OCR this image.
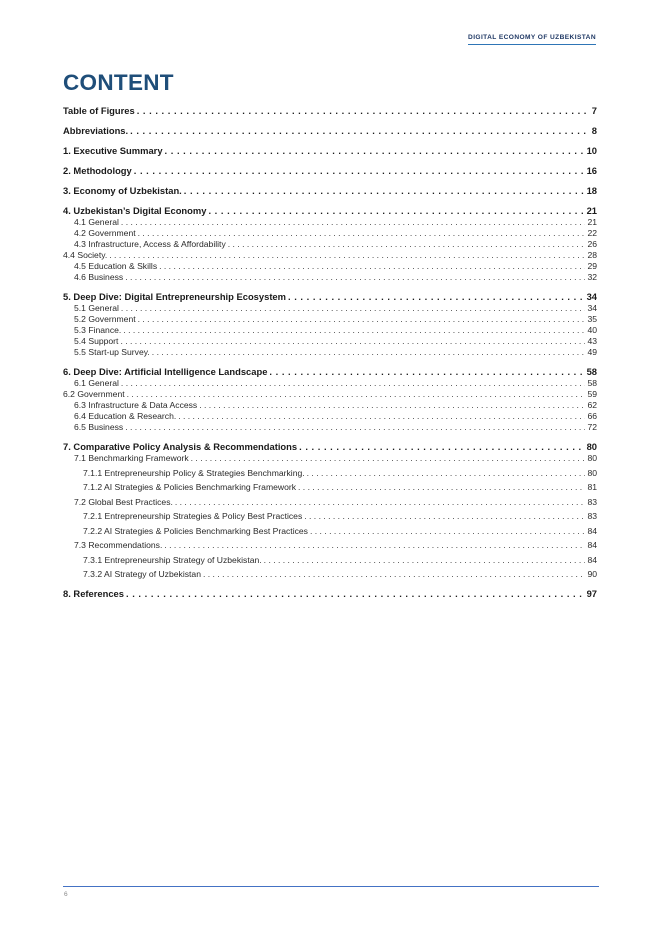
DIGITAL ECONOMY OF UZBEKISTAN
CONTENT
Table of Figures . . .	7
Abbreviations. . . .	8
1. Executive Summary . . .	10
2. Methodology . . .	16
3. Economy of Uzbekistan. . . .	18
4. Uzbekistan’s Digital Economy . . .	21
4.1 General . . .	21
4.2 Government . . .	22
4.3 Infrastructure, Access & Affordability . . .	26
4.4 Society. . . .	28
4.5 Education & Skills . . .	29
4.6 Business . . .	32
5. Deep Dive: Digital Entrepreneurship Ecosystem . . .	34
5.1 General . . .	34
5.2 Government . . .	35
5.3 Finance. . . .	40
5.4 Support . . .	43
5.5 Start-up Survey. . . .	49
6. Deep Dive: Artificial Intelligence Landscape . . .	58
6.1 General . . .	58
6.2 Government . . .	59
6.3 Infrastructure & Data Access . . .	62
6.4 Education & Research. . . .	66
6.5 Business . . .	72
7. Comparative Policy Analysis & Recommendations . . .	80
7.1 Benchmarking Framework . . .	80
7.1.1 Entrepreneurship Policy & Strategies Benchmarking. . . .	80
7.1.2 AI Strategies & Policies Benchmarking Framework . . .	81
7.2 Global Best Practices. . . .	83
7.2.1 Entrepreneurship Strategies & Policy Best Practices . . .	83
7.2.2 AI Strategies & Policies Benchmarking Best Practices . . .	84
7.3 Recommendations. . . .	84
7.3.1 Entrepreneurship Strategy of Uzbekistan. . . .	84
7.3.2 AI Strategy of Uzbekistan . . .	90
8. References . . .	97
6
